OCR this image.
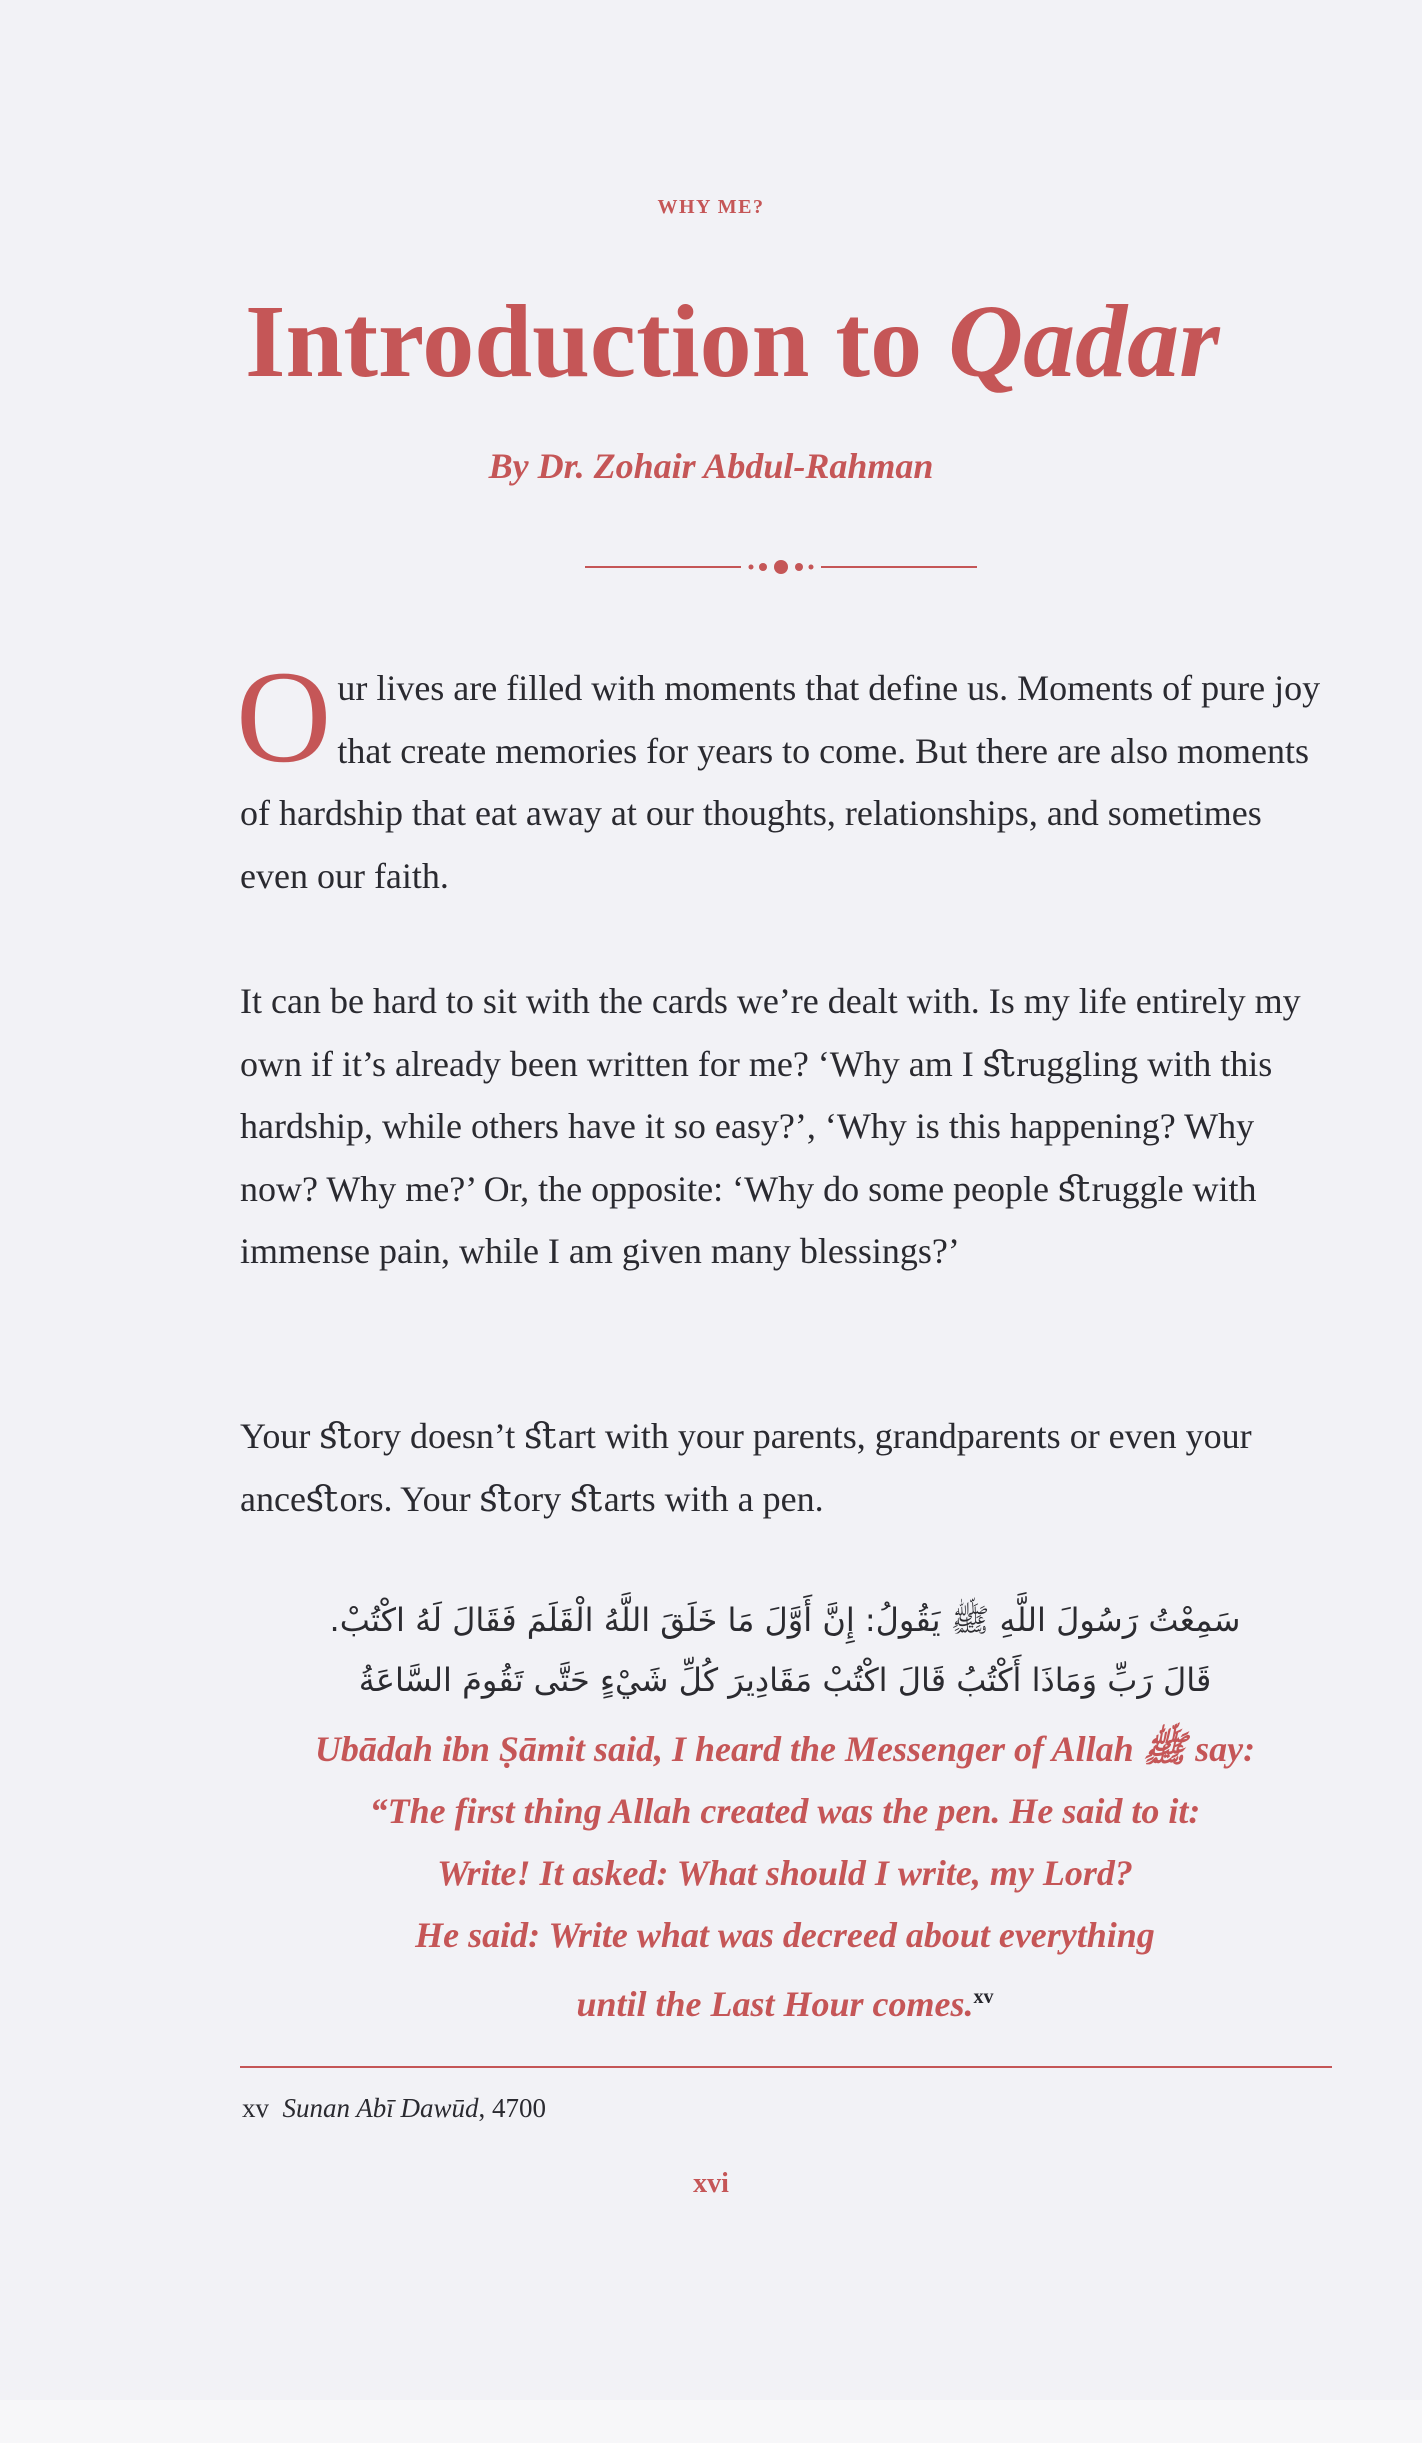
WHY ME?
Introduction to Qadar
By Dr. Zohair Abdul-Rahman

Our lives are filled with moments that define us. Moments of pure joy that create memories for years to come. But there are also moments of hardship that eat away at our thoughts, relationships, and sometimes even our faith.

It can be hard to sit with the cards we’re dealt with. Is my life entirely my own if it’s already been written for me? ‘Why am I ﬆruggling with this hardship, while others have it so easy?’, ‘Why is this happening? Why now? Why me?’ Or, the opposite: ‘Why do some people ﬆruggle with immense pain, while I am given many blessings?’

Your ﬆory doesn’t ﬆart with your parents, grandparents or even your anceﬆors. Your ﬆory ﬆarts with a pen.

سَمِعْتُ رَسُولَ اللَّهِ ﷺ يَقُولُ: إِنَّ أَوَّلَ مَا خَلَقَ اللَّهُ الْقَلَمَ فَقَالَ لَهُ اكْتُبْ.
قَالَ رَبِّ وَمَاذَا أَكْتُبُ قَالَ اكْتُبْ مَقَادِيرَ كُلِّ شَيْءٍ حَتَّى تَقُومَ السَّاعَةُ
Ubādah ibn Ṣāmit said, I heard the Messenger of Allah ﷺ say:
“The first thing Allah created was the pen. He said to it:
Write! It asked: What should I write, my Lord?
He said: Write what was decreed about everything
until the Last Hour comes.$^{xv}$
xv Sunan Abī Dawūd, 4700
xvi
